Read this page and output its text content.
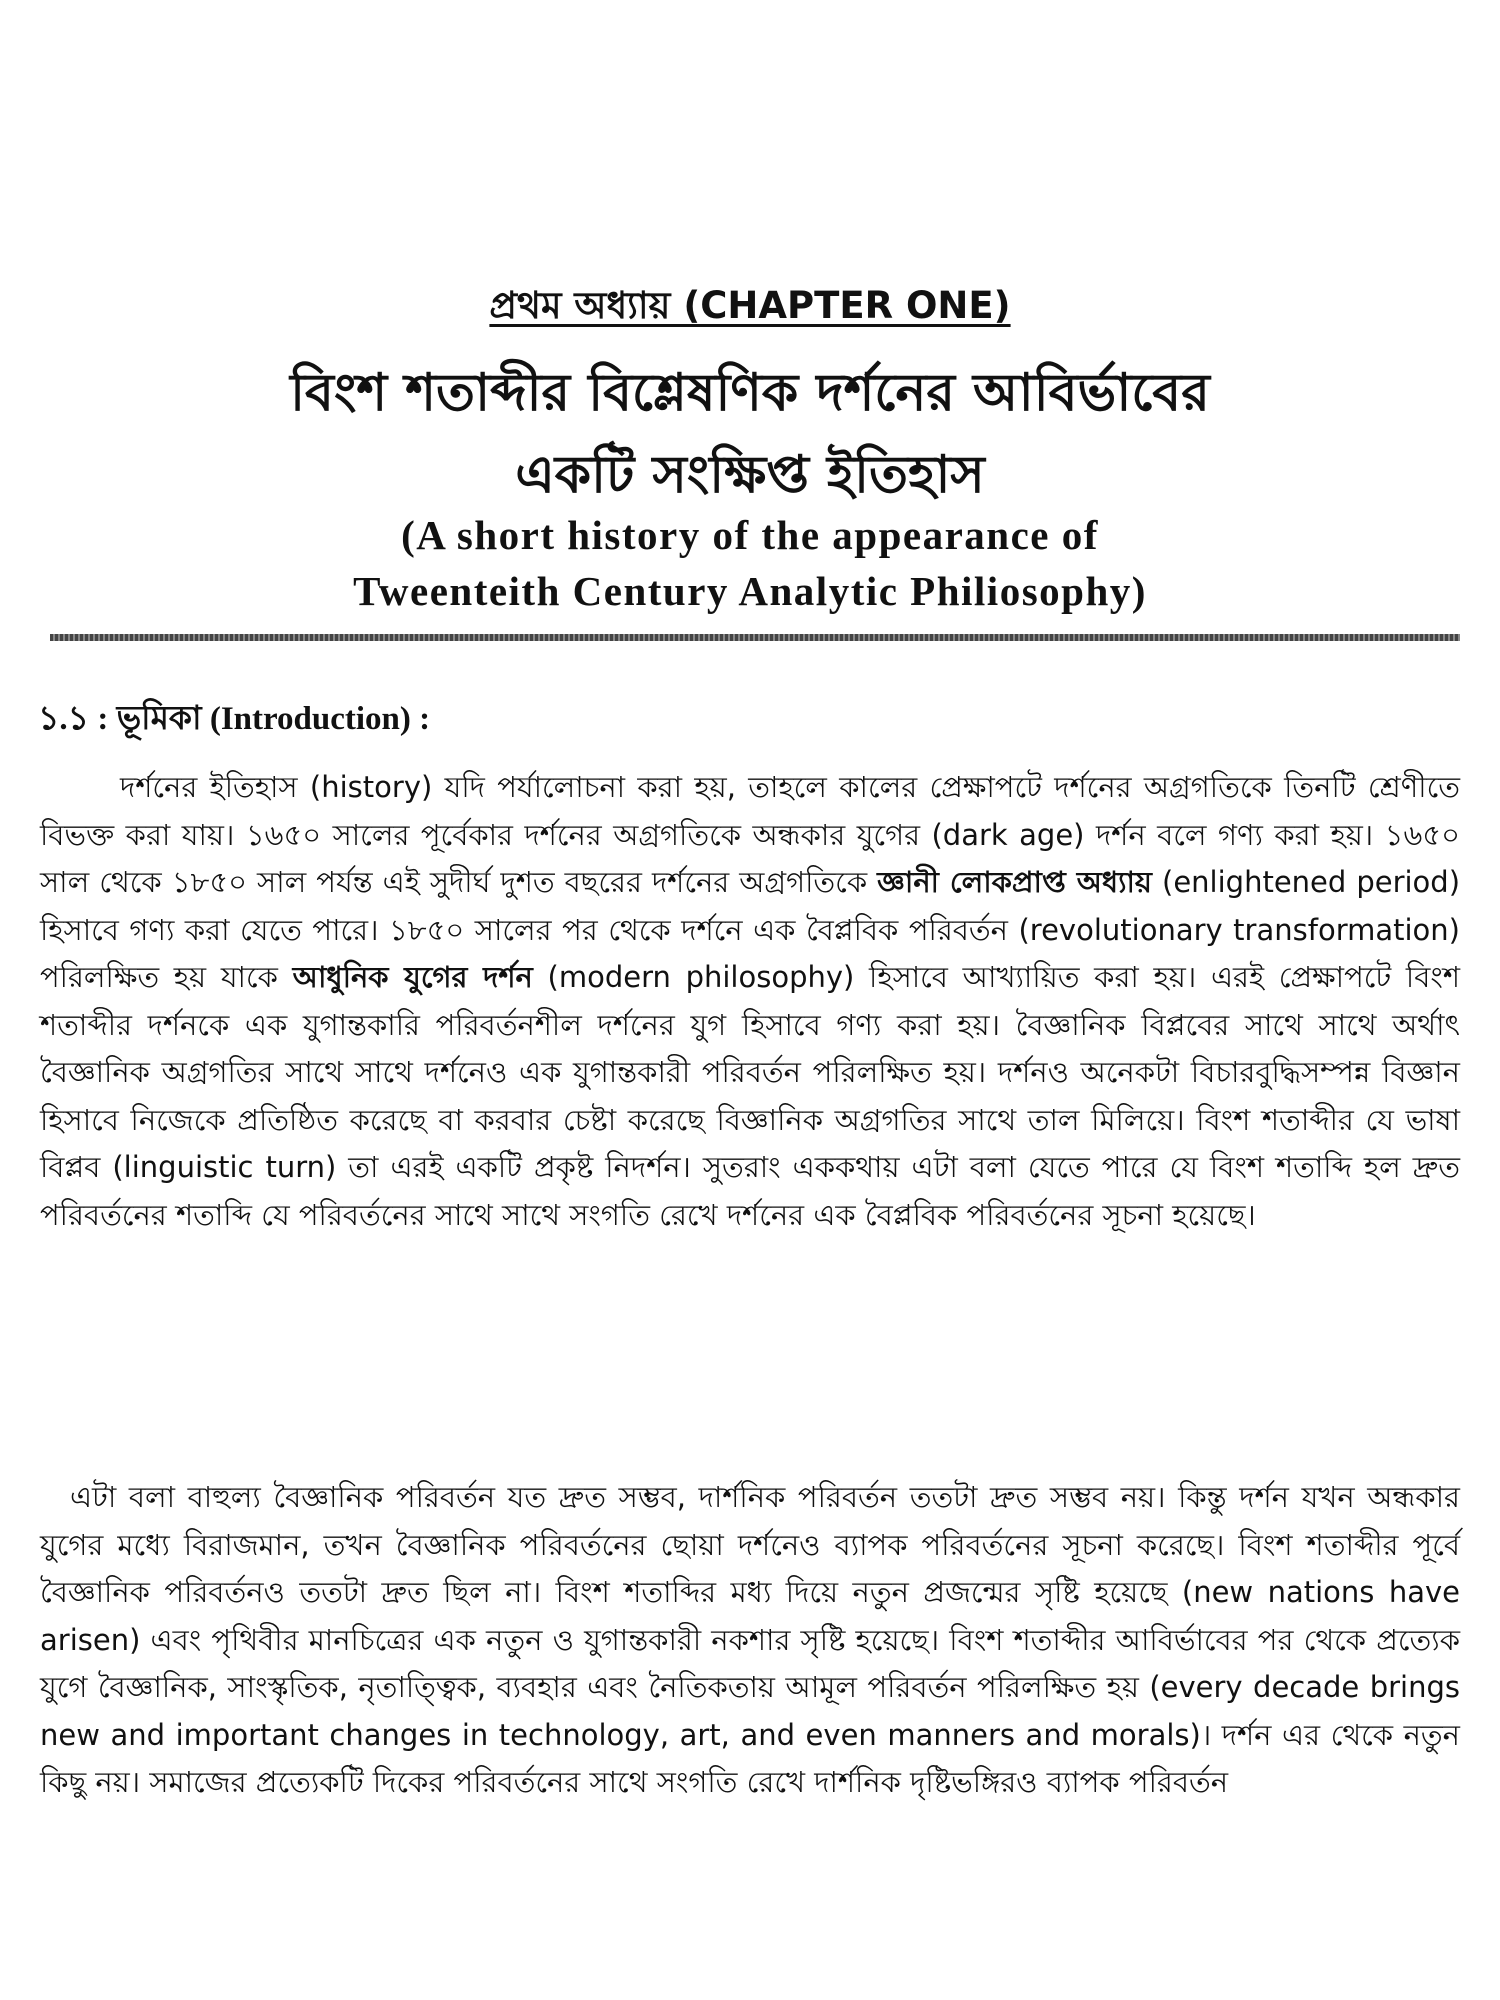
প্রথম অধ্যায় (CHAPTER ONE)
বিংশ শতাব্দীর বিশ্লেষণিক দর্শনের আবির্ভাবের
একটি সংক্ষিপ্ত ইতিহাস
(A short history of the appearance of
Tweenteith Century Analytic Philiosophy)
১.১ : ভূমিকা (Introduction) :

দর্শনের ইতিহাস (history) যদি পর্যালোচনা করা হয়, তাহলে কালের প্রেক্ষাপটে দর্শনের অগ্রগতিকে তিনটি শ্রেণীতে বিভক্ত করা যায়। ১৬৫০ সালের পূর্বেকার দর্শনের অগ্রগতিকে অন্ধকার যুগের (dark age) দর্শন বলে গণ্য করা হয়। ১৬৫০ সাল থেকে ১৮৫০ সাল পর্যন্ত এই সুদীর্ঘ দুশত বছরের দর্শনের অগ্রগতিকে জ্ঞানী লোকপ্রাপ্ত অধ্যায় (enlightened period) হিসাবে গণ্য করা যেতে পারে। ১৮৫০ সালের পর থেকে দর্শনে এক বৈপ্লবিক পরিবর্তন (revolutionary transformation) পরিলক্ষিত হয় যাকে আধুনিক যুগের দর্শন (modern philosophy) হিসাবে আখ্যায়িত করা হয়। এরই প্রেক্ষাপটে বিংশ শতাব্দীর দর্শনকে এক যুগান্তকারি পরিবর্তনশীল দর্শনের যুগ হিসাবে গণ্য করা হয়। বৈজ্ঞানিক বিপ্লবের সাথে সাথে অর্থাৎ বৈজ্ঞানিক অগ্রগতির সাথে সাথে দর্শনেও এক যুগান্তকারী পরিবর্তন পরিলক্ষিত হয়। দর্শনও অনেকটা বিচারবুদ্ধিসম্পন্ন বিজ্ঞান হিসাবে নিজেকে প্রতিষ্ঠিত করেছে বা করবার চেষ্টা করেছে বিজ্ঞানিক অগ্রগতির সাথে তাল মিলিয়ে। বিংশ শতাব্দীর যে ভাষা বিপ্লব (linguistic turn) তা এরই একটি প্রকৃষ্ট নিদর্শন। সুতরাং এককথায় এটা বলা যেতে পারে যে বিংশ শতাব্দি হল দ্রুত পরিবর্তনের শতাব্দি যে পরিবর্তনের সাথে সাথে সংগতি রেখে দর্শনের এক বৈপ্লবিক পরিবর্তনের সূচনা হয়েছে।

এটা বলা বাহুল্য বৈজ্ঞানিক পরিবর্তন যত দ্রুত সম্ভব, দার্শনিক পরিবর্তন ততটা দ্রুত সম্ভব নয়। কিন্তু দর্শন যখন অন্ধকার যুগের মধ্যে বিরাজমান, তখন বৈজ্ঞানিক পরিবর্তনের ছোয়া দর্শনেও ব্যাপক পরিবর্তনের সূচনা করেছে। বিংশ শতাব্দীর পূর্বে বৈজ্ঞানিক পরিবর্তনও ততটা দ্রুত ছিল না। বিংশ শতাব্দির মধ্য দিয়ে নতুন প্রজন্মের সৃষ্টি হয়েছে (new nations have arisen) এবং পৃথিবীর মানচিত্রের এক নতুন ও যুগান্তকারী নকশার সৃষ্টি হয়েছে। বিংশ শতাব্দীর আবির্ভাবের পর থেকে প্রত্যেক যুগে বৈজ্ঞানিক, সাংস্কৃতিক, নৃতাত্ত্বিক, ব্যবহার এবং নৈতিকতায় আমূল পরিবর্তন পরিলক্ষিত হয় (every decade brings new and important changes in technology, art, and even manners and morals)। দর্শন এর থেকে নতুন কিছু নয়। সমাজের প্রত্যেকটি দিকের পরিবর্তনের সাথে সংগতি রেখে দার্শনিক দৃষ্টিভঙ্গিরও ব্যাপক পরিবর্তন
